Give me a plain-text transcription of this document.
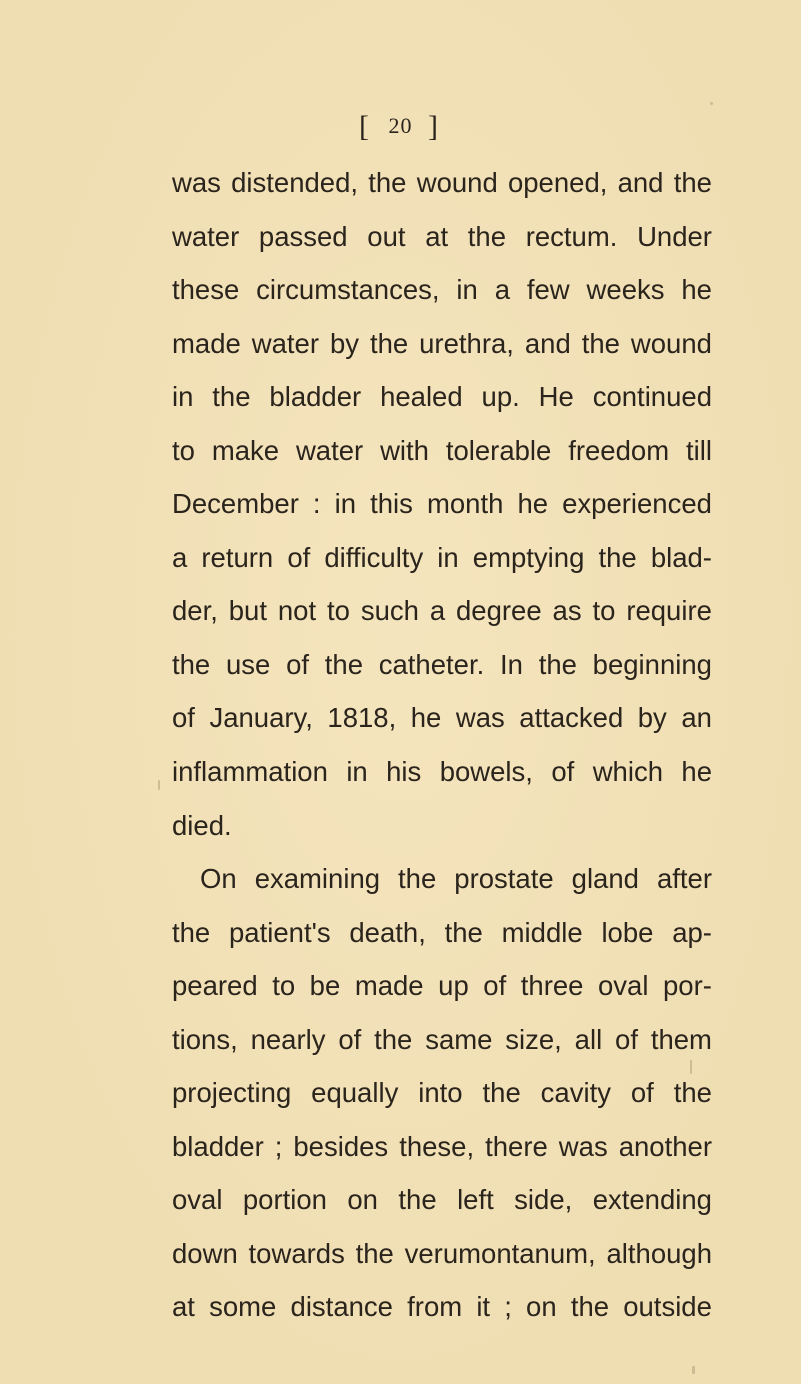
[ 20 ]
was distended, the wound opened, and the
water passed out at the rectum. Under
these circumstances, in a few weeks he
made water by the urethra, and the wound
in the bladder healed up. He continued
to make water with tolerable freedom till
December : in this month he experienced
a return of difficulty in emptying the blad-
der, but not to such a degree as to require
the use of the catheter. In the beginning
of January, 1818, he was attacked by an
inflammation in his bowels, of which he
died.
On examining the prostate gland after
the patient's death, the middle lobe ap-
peared to be made up of three oval por-
tions, nearly of the same size, all of them
projecting equally into the cavity of the
bladder ; besides these, there was another
oval portion on the left side, extending
down towards the verumontanum, although
at some distance from it ; on the outside
